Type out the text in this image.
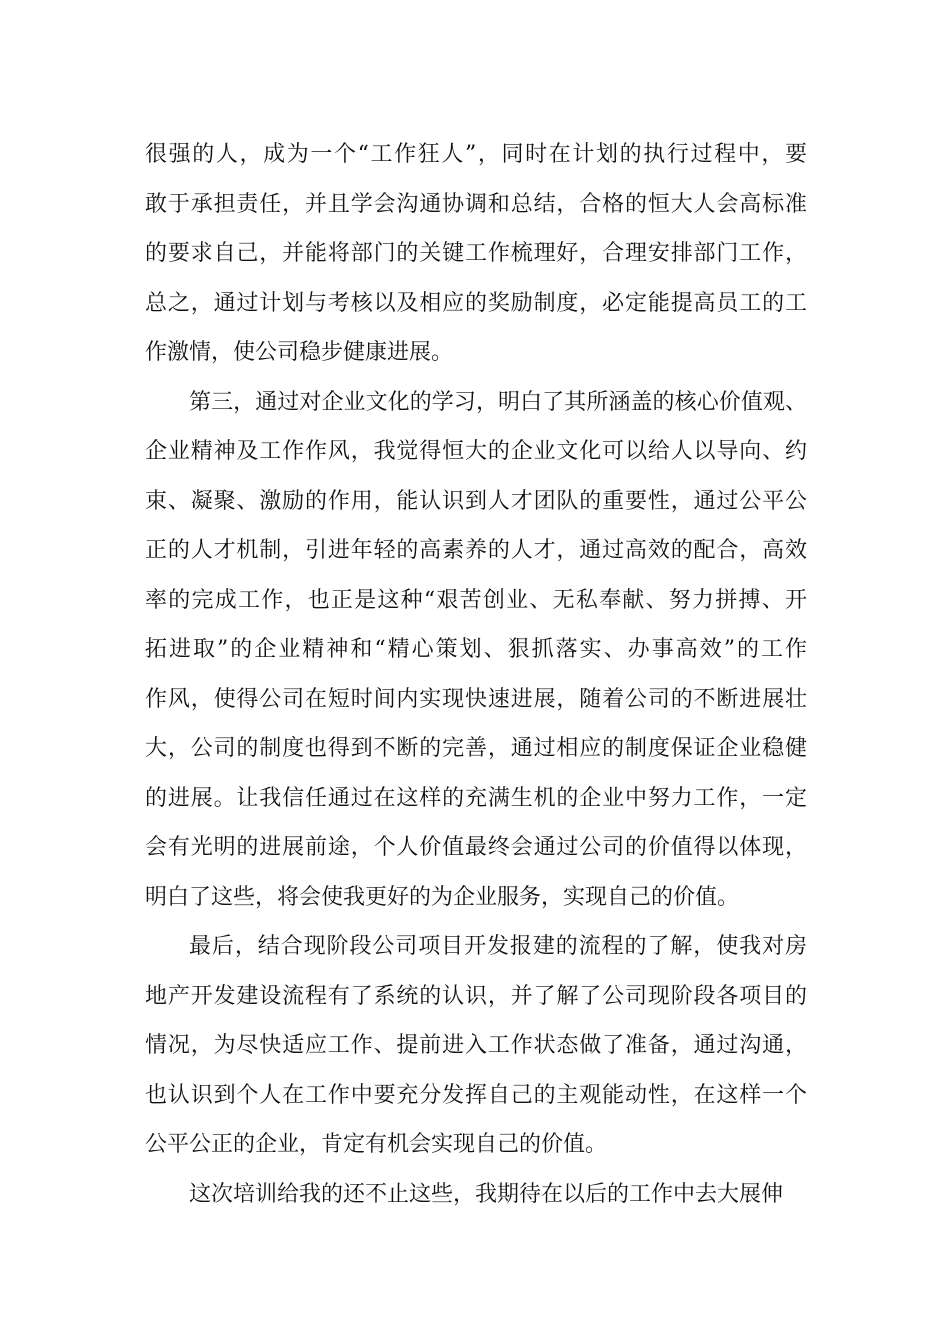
很强的人，成为一个“工作狂人”，同时在计划的执行过程中，要
敢于承担责任，并且学会沟通协调和总结，合格的恒大人会高标准
的要求自己，并能将部门的关键工作梳理好，合理安排部门工作，
总之，通过计划与考核以及相应的奖励制度，必定能提高员工的工
作激情，使公司稳步健康进展。
第三，通过对企业文化的学习，明白了其所涵盖的核心价值观、
企业精神及工作作风，我觉得恒大的企业文化可以给人以导向、约
束、凝聚、激励的作用，能认识到人才团队的重要性，通过公平公
正的人才机制，引进年轻的高素养的人才，通过高效的配合，高效
率的完成工作，也正是这种“艰苦创业、无私奉献、努力拼搏、开
拓进取”的企业精神和“精心策划、狠抓落实、办事高效”的工作
作风，使得公司在短时间内实现快速进展，随着公司的不断进展壮
大，公司的制度也得到不断的完善，通过相应的制度保证企业稳健
的进展。让我信任通过在这样的充满生机的企业中努力工作，一定
会有光明的进展前途，个人价值最终会通过公司的价值得以体现，
明白了这些，将会使我更好的为企业服务，实现自己的价值。
最后，结合现阶段公司项目开发报建的流程的了解，使我对房
地产开发建设流程有了系统的认识，并了解了公司现阶段各项目的
情况，为尽快适应工作、提前进入工作状态做了准备，通过沟通，
也认识到个人在工作中要充分发挥自己的主观能动性，在这样一个
公平公正的企业，肯定有机会实现自己的价值。
这次培训给我的还不止这些，我期待在以后的工作中去大展伸
